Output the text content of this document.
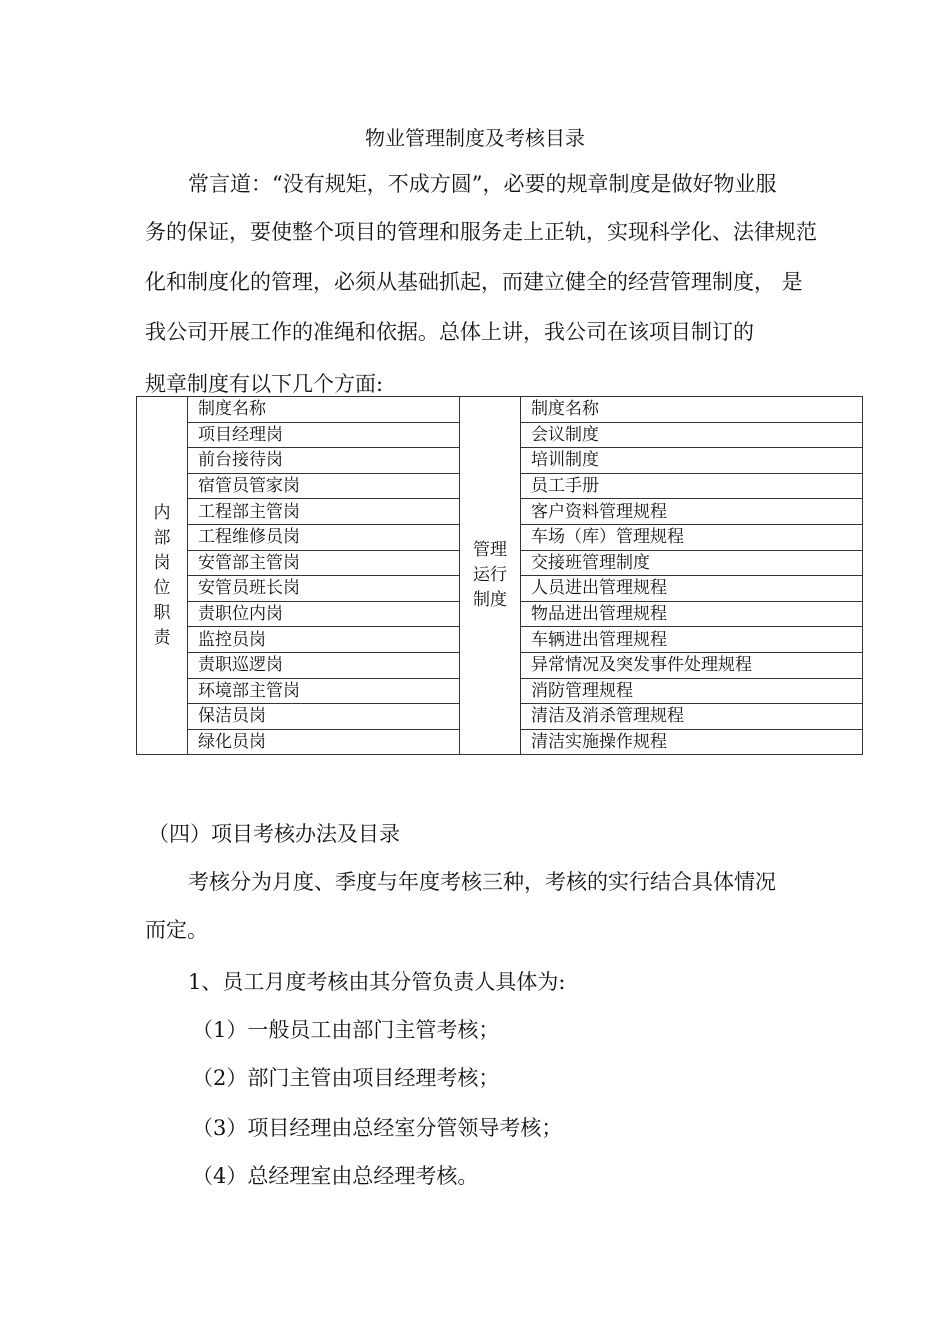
物业管理制度及考核目录
常言道：“没有规矩，不成方圆”，必要的规章制度是做好物业服
务的保证，要使整个项目的管理和服务走上正轨，实现科学化、法律规范
化和制度化的管理，必须从基础抓起，而建立健全的经营管理制度， 是
我公司开展工作的准绳和依据。总体上讲，我公司在该项目制订的
规章制度有以下几个方面:
内部岗位职责	制度名称	管理运行制度	制度名称
	项目经理岗		会议制度
	前台接待岗		培训制度
	宿管员管家岗		员工手册
	工程部主管岗		客户资料管理规程
	工程维修员岗		车场（库）管理规程
	安管部主管岗		交接班管理制度
	安管员班长岗		人员进出管理规程
	责职位内岗		物品进出管理规程
	监控员岗		车辆进出管理规程
	责职巡逻岗		异常情况及突发事件处理规程
	环境部主管岗		消防管理规程
	保洁员岗		清洁及消杀管理规程
	绿化员岗		清洁实施操作规程
（四）项目考核办法及目录
考核分为月度、季度与年度考核三种，考核的实行结合具体情况
而定。
1、员工月度考核由其分管负责人具体为:
（1）一般员工由部门主管考核；
（2）部门主管由项目经理考核；
（3）项目经理由总经室分管领导考核；
（4）总经理室由总经理考核。
